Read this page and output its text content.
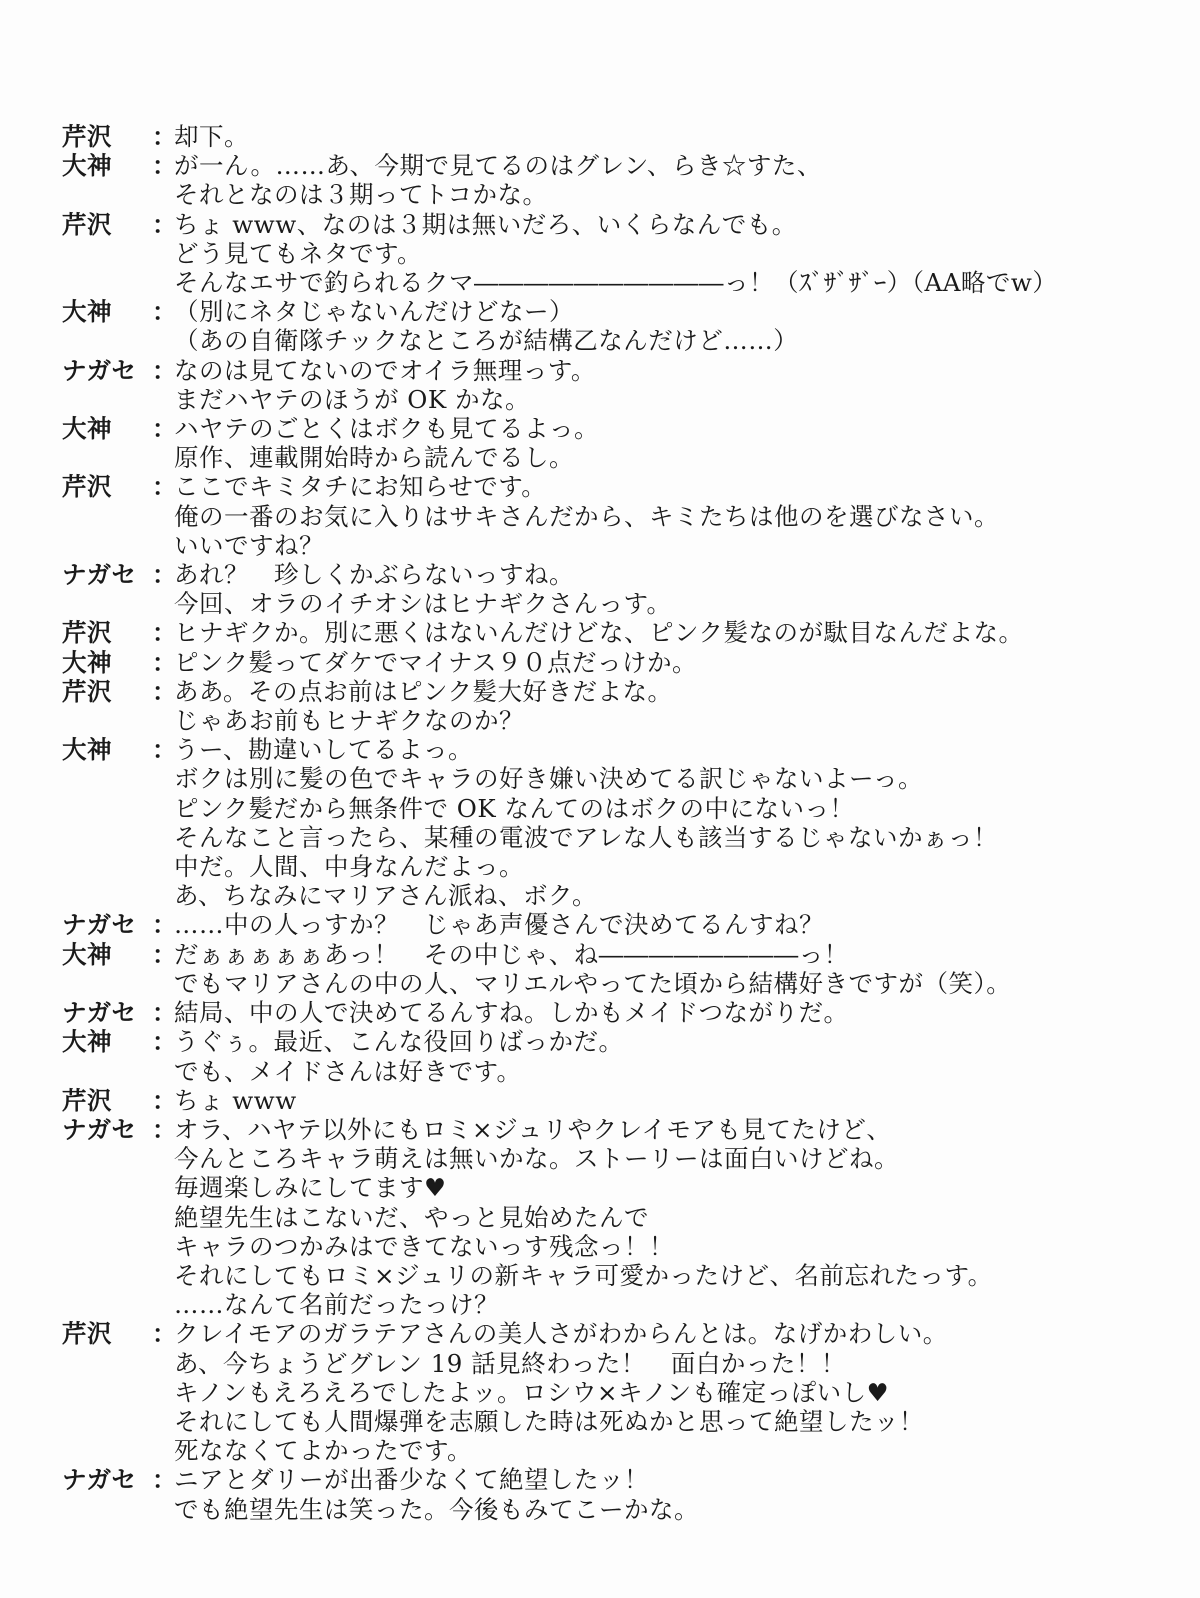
芹沢	：
却下。
大神	：
が一ん。……あ、今期で見てるのはグレン、らき☆すた、
それとなのは３期ってトコかな。
芹沢	：
ちょ www、なのは３期は無いだろ、いくらなんでも。
どう見てもネタです。
そんなエサで釣られるクマ――――――――――っ！（ｽﾞｻﾞｻﾞｰ）（AA略でw）
大神	：
（別にネタじゃないんだけどなー）
（あの自衛隊チックなところが結構乙なんだけど……）
ナガセ ：
なのは見てないのでオイラ無理っす。
まだハヤテのほうが OK かな。
大神	：
ハヤテのごとくはボクも見てるよっ。
原作、連載開始時から読んでるし。
芹沢	：
ここでキミタチにお知らせです。
俺の一番のお気に入りはサキさんだから、キミたちは他のを選びなさい。
いいですね？
ナガセ ：
あれ？　珍しくかぶらないっすね。
今回、オラのイチオシはヒナギクさんっす。
芹沢	：
ヒナギクか。別に悪くはないんだけどな、ピンク髪なのが駄目なんだよな。
大神	：
ピンク髪ってダケでマイナス９０点だっけか。
芹沢	：
ああ。その点お前はピンク髪大好きだよな。
じゃあお前もヒナギクなのか？
大神	：
うー、勘違いしてるよっ。
ボクは別に髪の色でキャラの好き嫌い決めてる訳じゃないよーっ。
ピンク髪だから無条件で OK なんてのはボクの中にないっ！
そんなこと言ったら、某種の電波でアレな人も該当するじゃないかぁっ！
中だ。人間、中身なんだよっ。
あ、ちなみにマリアさん派ね、ボク。
ナガセ ：
……中の人っすか？　じゃあ声優さんで決めてるんすね？
大神	：
だぁぁぁぁぁあっ！　その中じゃ、ね――――――――っ！
でもマリアさんの中の人、マリエルやってた頃から結構好きですが（笑）。
ナガセ ：
結局、中の人で決めてるんすね。しかもメイドつながりだ。
大神	：
うぐぅ。最近、こんな役回りばっかだ。
でも、メイドさんは好きです。
芹沢	：
ちょ www
ナガセ ：
オラ、ハヤテ以外にもロミ×ジュリやクレイモアも見てたけど、
今んところキャラ萌えは無いかな。ストーリーは面白いけどね。
毎週楽しみにしてます♥
絶望先生はこないだ、やっと見始めたんで
キャラのつかみはできてないっす残念っ！！
それにしてもロミ×ジュリの新キャラ可愛かったけど、名前忘れたっす。
……なんて名前だったっけ？
芹沢	：
クレイモアのガラテアさんの美人さがわからんとは。なげかわしい。
あ、今ちょうどグレン 19 話見終わった！　面白かった！！
キノンもえろえろでしたよッ。ロシウ×キノンも確定っぽいし♥
それにしても人間爆弾を志願した時は死ぬかと思って絶望したッ！
死ななくてよかったです。
ナガセ ：
ニアとダリーが出番少なくて絶望したッ！
でも絶望先生は笑った。今後もみてこーかな。
